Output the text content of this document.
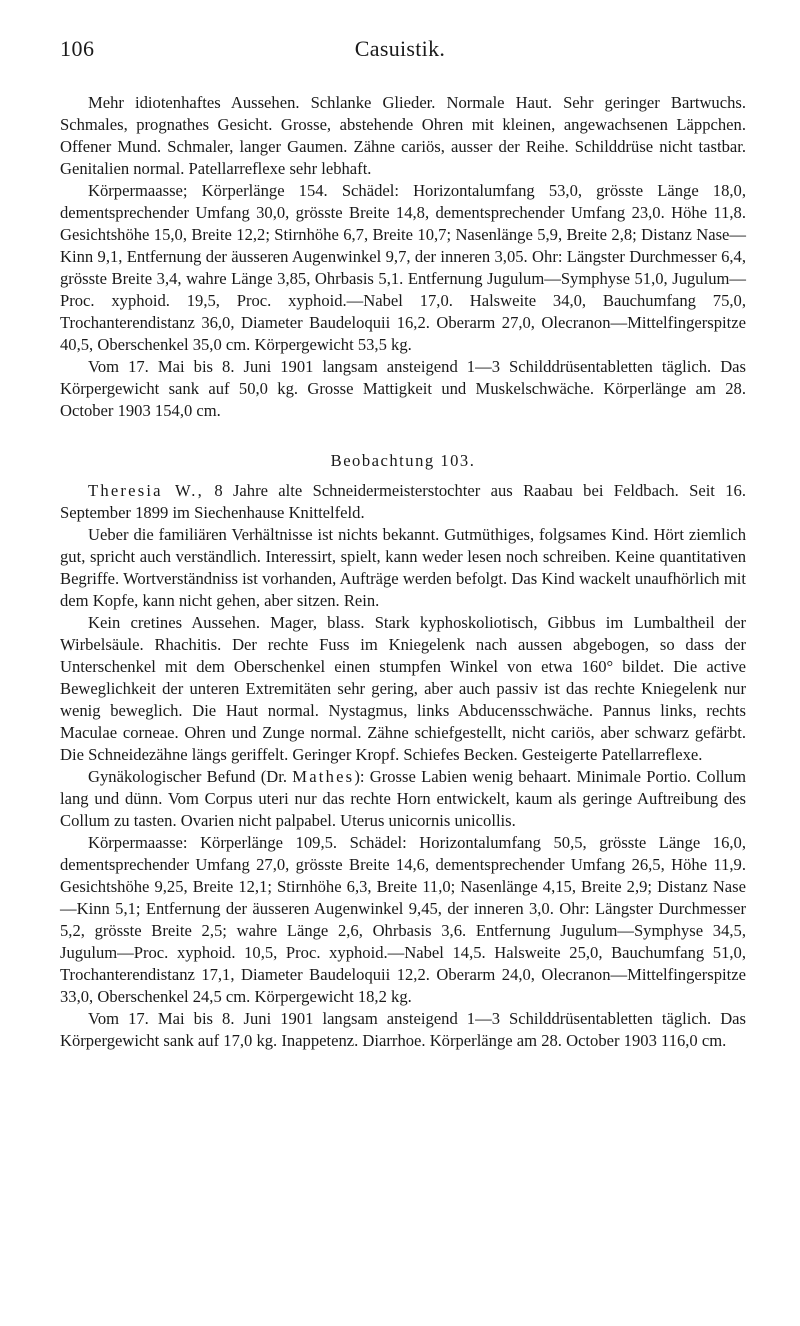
106	Casuistik.

Mehr idiotenhaftes Aussehen. Schlanke Glieder. Normale Haut. Sehr geringer Bartwuchs. Schmales, prognathes Gesicht. Grosse, abstehende Ohren mit kleinen, angewachsenen Läppchen. Offener Mund. Schmaler, langer Gaumen. Zähne cariös, ausser der Reihe. Schilddrüse nicht tastbar. Genitalien normal. Patellarreflexe sehr lebhaft.

Körpermaasse; Körperlänge 154. Schädel: Horizontalumfang 53,0, grösste Länge 18,0, dementsprechender Umfang 30,0, grösste Breite 14,8, dementsprechender Umfang 23,0. Höhe 11,8. Gesichtshöhe 15,0, Breite 12,2; Stirnhöhe 6,7, Breite 10,7; Nasenlänge 5,9, Breite 2,8; Distanz Nase—Kinn 9,1, Entfernung der äusseren Augenwinkel 9,7, der inneren 3,05. Ohr: Längster Durchmesser 6,4, grösste Breite 3,4, wahre Länge 3,85, Ohrbasis 5,1. Entfernung Jugulum—Symphyse 51,0, Jugulum—Proc. xyphoid. 19,5, Proc. xyphoid.—Nabel 17,0. Halsweite 34,0, Bauchumfang 75,0, Trochanterendistanz 36,0, Diameter Baudeloquii 16,2. Oberarm 27,0, Olecranon—Mittelfingerspitze 40,5, Oberschenkel 35,0 cm. Körpergewicht 53,5 kg.

Vom 17. Mai bis 8. Juni 1901 langsam ansteigend 1—3 Schilddrüsentabletten täglich. Das Körpergewicht sank auf 50,0 kg. Grosse Mattigkeit und Muskelschwäche. Körperlänge am 28. October 1903 154,0 cm.

Beobachtung 103.

Theresia W., 8 Jahre alte Schneidermeisterstochter aus Raabau bei Feldbach. Seit 16. September 1899 im Siechenhause Knittelfeld.

Ueber die familiären Verhältnisse ist nichts bekannt. Gutmüthiges, folgsames Kind. Hört ziemlich gut, spricht auch verständlich. Interessirt, spielt, kann weder lesen noch schreiben. Keine quantitativen Begriffe. Wortverständniss ist vorhanden, Aufträge werden befolgt. Das Kind wackelt unaufhörlich mit dem Kopfe, kann nicht gehen, aber sitzen. Rein.

Kein cretines Aussehen. Mager, blass. Stark kyphoskoliotisch, Gibbus im Lumbaltheil der Wirbelsäule. Rhachitis. Der rechte Fuss im Kniegelenk nach aussen abgebogen, so dass der Unterschenkel mit dem Oberschenkel einen stumpfen Winkel von etwa 160° bildet. Die active Beweglichkeit der unteren Extremitäten sehr gering, aber auch passiv ist das rechte Kniegelenk nur wenig beweglich. Die Haut normal. Nystagmus, links Abducensschwäche. Pannus links, rechts Maculae corneae. Ohren und Zunge normal. Zähne schiefgestellt, nicht cariös, aber schwarz gefärbt. Die Schneidezähne längs geriffelt. Geringer Kropf. Schiefes Becken. Gesteigerte Patellarreflexe.

Gynäkologischer Befund (Dr. Mathes): Grosse Labien wenig behaart. Minimale Portio. Collum lang und dünn. Vom Corpus uteri nur das rechte Horn entwickelt, kaum als geringe Auftreibung des Collum zu tasten. Ovarien nicht palpabel. Uterus unicornis unicollis.

Körpermaasse: Körperlänge 109,5. Schädel: Horizontalumfang 50,5, grösste Länge 16,0, dementsprechender Umfang 27,0, grösste Breite 14,6, dementsprechender Umfang 26,5, Höhe 11,9. Gesichtshöhe 9,25, Breite 12,1; Stirnhöhe 6,3, Breite 11,0; Nasenlänge 4,15, Breite 2,9; Distanz Nase—Kinn 5,1; Entfernung der äusseren Augenwinkel 9,45, der inneren 3,0. Ohr: Längster Durchmesser 5,2, grösste Breite 2,5; wahre Länge 2,6, Ohrbasis 3,6. Entfernung Jugulum—Symphyse 34,5, Jugulum—Proc. xyphoid. 10,5, Proc. xyphoid.—Nabel 14,5. Halsweite 25,0, Bauchumfang 51,0, Trochanterendistanz 17,1, Diameter Baudeloquii 12,2. Oberarm 24,0, Olecranon—Mittelfingerspitze 33,0, Oberschenkel 24,5 cm. Körpergewicht 18,2 kg.

Vom 17. Mai bis 8. Juni 1901 langsam ansteigend 1—3 Schilddrüsentabletten täglich. Das Körpergewicht sank auf 17,0 kg. Inappetenz. Diarrhoe. Körperlänge am 28. October 1903 116,0 cm.
